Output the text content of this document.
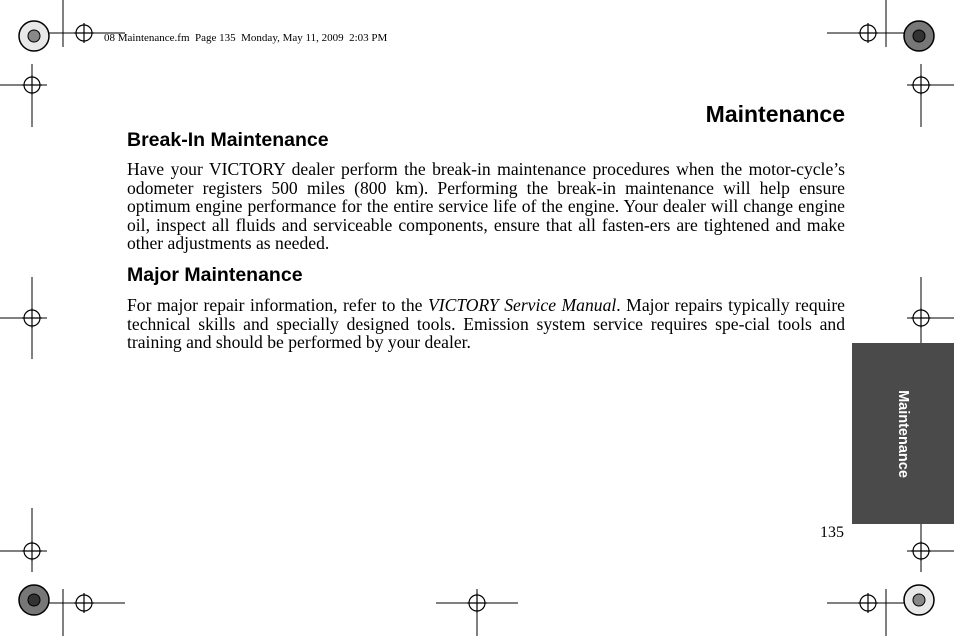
08 Maintenance.fm  Page 135  Monday, May 11, 2009  2:03 PM
Maintenance
Break-In Maintenance

Have your VICTORY dealer perform the break-in maintenance procedures when the motor-cycle’s odometer registers 500 miles (800 km). Performing the break-in maintenance will help ensure optimum engine performance for the entire service life of the engine. Your dealer will change engine oil, inspect all fluids and serviceable components, ensure that all fasten-ers are tightened and make other adjustments as needed.

Major Maintenance

For major repair information, refer to the VICTORY Service Manual. Major repairs typically require technical skills and specially designed tools. Emission system service requires spe-cial tools and training and should be performed by your dealer.

Maintenance
135
